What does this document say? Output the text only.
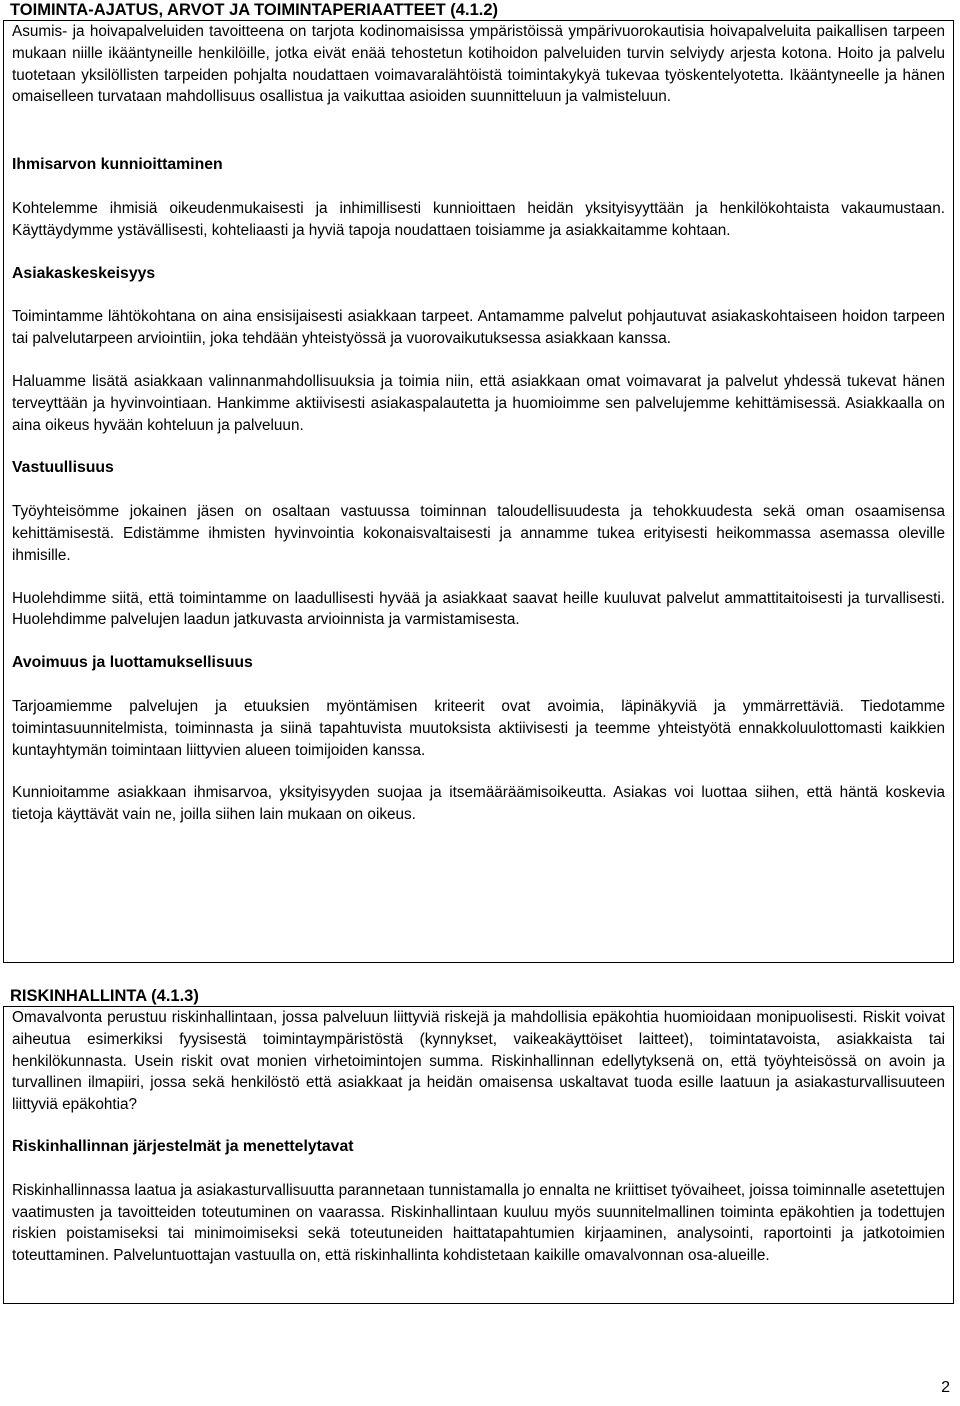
TOIMINTA-AJATUS, ARVOT JA TOIMINTAPERIAATTEET (4.1.2)

Asumis- ja hoivapalveluiden tavoitteena on tarjota kodinomaisissa ympäristöissä ympärivuorokautisia hoivapalveluita paikallisen tarpeen mukaan niille ikääntyneille henkilöille, jotka eivät enää tehostetun kotihoidon palveluiden turvin selviydy arjesta kotona. Hoito ja palvelu tuotetaan yksilöllisten tarpeiden pohjalta noudattaen voimavaralähtöistä toimintakykyä tukevaa työskentelyotetta. Ikääntyneelle ja hänen omaiselleen turvataan mahdollisuus osallistua ja vaikuttaa asioiden suunnitteluun ja valmisteluun.

Ihmisarvon kunnioittaminen

Kohtelemme ihmisiä oikeudenmukaisesti ja inhimillisesti kunnioittaen heidän yksityisyyttään ja henkilökohtaista vakaumustaan. Käyttäydymme ystävällisesti, kohteliaasti ja hyviä tapoja noudattaen toisiamme ja asiakkaitamme kohtaan.

Asiakaskeskeisyys

Toimintamme lähtökohtana on aina ensisijaisesti asiakkaan tarpeet. Antamamme palvelut pohjautuvat asiakaskohtaiseen hoidon tarpeen tai palvelutarpeen arviointiin, joka tehdään yhteistyössä ja vuorovaikutuksessa asiakkaan kanssa.

Haluamme lisätä asiakkaan valinnanmahdollisuuksia ja toimia niin, että asiakkaan omat voimavarat ja palvelut yhdessä tukevat hänen terveyttään ja hyvinvointiaan. Hankimme aktiivisesti asiakaspalautetta ja huomioimme sen palvelujemme kehittämisessä. Asiakkaalla on aina oikeus hyvään kohteluun ja palveluun.

Vastuullisuus

Työyhteisömme jokainen jäsen on osaltaan vastuussa toiminnan taloudellisuudesta ja tehokkuudesta sekä oman osaamisensa kehittämisestä. Edistämme ihmisten hyvinvointia kokonaisvaltaisesti ja annamme tukea erityisesti heikommassa asemassa oleville ihmisille.

Huolehdimme siitä, että toimintamme on laadullisesti hyvää ja asiakkaat saavat heille kuuluvat palvelut ammattitaitoisesti ja turvallisesti. Huolehdimme palvelujen laadun jatkuvasta arvioinnista ja varmistamisesta.

Avoimuus ja luottamuksellisuus

Tarjoamiemme palvelujen ja etuuksien myöntämisen kriteerit ovat avoimia, läpinäkyviä ja ymmärrettäviä. Tiedotamme toimintasuunnitelmista, toiminnasta ja siinä tapahtuvista muutoksista aktiivisesti ja teemme yhteistyötä ennakkoluulottomasti kaikkien kuntayhtymän toimintaan liittyvien alueen toimijoiden kanssa.

Kunnioitamme asiakkaan ihmisarvoa, yksityisyyden suojaa ja itsemääräämisoikeutta. Asiakas voi luottaa siihen, että häntä koskevia tietoja käyttävät vain ne, joilla siihen lain mukaan on oikeus.

RISKINHALLINTA (4.1.3)

Omavalvonta perustuu riskinhallintaan, jossa palveluun liittyviä riskejä ja mahdollisia epäkohtia huomioidaan monipuolisesti. Riskit voivat aiheutua esimerkiksi fyysisestä toimintaympäristöstä (kynnykset, vaikeakäyttöiset laitteet), toimintatavoista, asiakkaista tai henkilökunnasta. Usein riskit ovat monien virhetoimintojen summa. Riskinhallinnan edellytyksenä on, että työyhteisössä on avoin ja turvallinen ilmapiiri, jossa sekä henkilöstö että asiakkaat ja heidän omaisensa uskaltavat tuoda esille laatuun ja asiakasturvallisuuteen liittyviä epäkohtia?

Riskinhallinnan järjestelmät ja menettelytavat

Riskinhallinnassa laatua ja asiakasturvallisuutta parannetaan tunnistamalla jo ennalta ne kriittiset työvaiheet, joissa toiminnalle asetettujen vaatimusten ja tavoitteiden toteutuminen on vaarassa. Riskinhallintaan kuuluu myös suunnitelmallinen toiminta epäkohtien ja todettujen riskien poistamiseksi tai minimoimiseksi sekä toteutuneiden haittatapahtumien kirjaaminen, analysointi, raportointi ja jatkotoimien toteuttaminen. Palveluntuottajan vastuulla on, että riskinhallinta kohdistetaan kaikille omavalvonnan osa-alueille.

2
